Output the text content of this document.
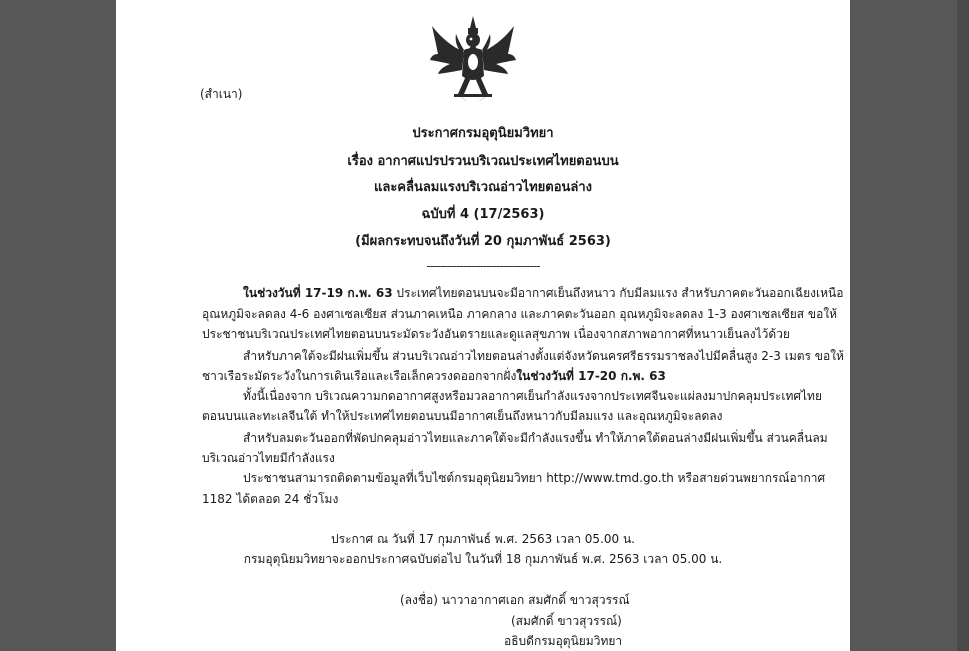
(สำเนา)
ประกาศกรมอุตุนิยมวิทยา
เรื่อง อากาศแปรปรวนบริเวณประเทศไทยตอนบน
และคลื่นลมแรงบริเวณอ่าวไทยตอนล่าง
ฉบับที่ 4 (17/2563)
(มีผลกระทบจนถึงวันที่ 20 กุมภาพันธ์ 2563)
----------------------------------
ในช่วงวันที่ 17-19 ก.พ. 63 ประเทศไทยตอนบนจะมีอากาศเย็นถึงหนาว กับมีลมแรง สำหรับภาคตะวันออกเฉียงเหนือ
อุณหภูมิจะลดลง 4-6 องศาเซลเซียส ส่วนภาคเหนือ ภาคกลาง และภาคตะวันออก อุณหภูมิจะลดลง 1-3 องศาเซลเซียส ขอให้
ประชาชนบริเวณประเทศไทยตอนบนระมัดระวังอันตรายและดูแลสุขภาพ เนื่องจากสภาพอากาศที่หนาวเย็นลงไว้ด้วย
สำหรับภาคใต้จะมีฝนเพิ่มขึ้น ส่วนบริเวณอ่าวไทยตอนล่างตั้งแต่จังหวัดนครศรีธรรมราชลงไปมีคลื่นสูง 2-3 เมตร ขอให้
ชาวเรือระมัดระวังในการเดินเรือและเรือเล็กควรงดออกจากฝั่งในช่วงวันที่ 17-20 ก.พ. 63
ทั้งนี้เนื่องจาก บริเวณความกดอากาศสูงหรือมวลอากาศเย็นกำลังแรงจากประเทศจีนจะแผ่ลงมาปกคลุมประเทศไทย
ตอนบนและทะเลจีนใต้ ทำให้ประเทศไทยตอนบนมีอากาศเย็นถึงหนาวกับมีลมแรง และอุณหภูมิจะลดลง
สำหรับลมตะวันออกที่พัดปกคลุมอ่าวไทยและภาคใต้จะมีกำลังแรงขึ้น ทำให้ภาคใต้ตอนล่างมีฝนเพิ่มขึ้น ส่วนคลื่นลม
บริเวณอ่าวไทยมีกำลังแรง
ประชาชนสามารถติดตามข้อมูลที่เว็บไซต์กรมอุตุนิยมวิทยา http://www.tmd.go.th หรือสายด่วนพยากรณ์อากาศ
1182 ได้ตลอด 24 ชั่วโมง
ประกาศ ณ วันที่ 17 กุมภาพันธ์ พ.ศ. 2563 เวลา 05.00 น.
กรมอุตุนิยมวิทยาจะออกประกาศฉบับต่อไป ในวันที่ 18 กุมภาพันธ์ พ.ศ. 2563 เวลา 05.00 น.
(ลงชื่อ) นาวาอากาศเอก สมศักดิ์ ขาวสุวรรณ์
(สมศักดิ์ ขาวสุวรรณ์)
อธิบดีกรมอุตุนิยมวิทยา
